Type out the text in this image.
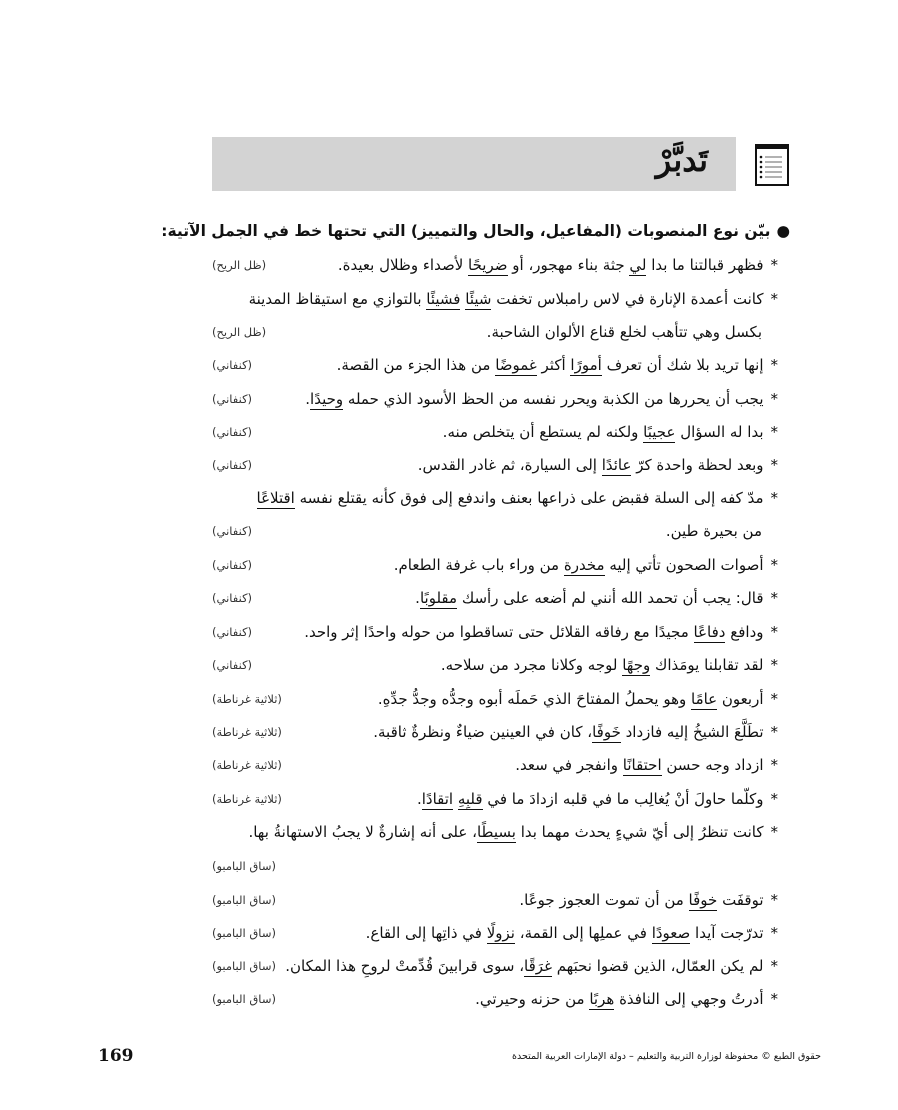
تَدبَّرْ
●بيّن نوع المنصوبات (المفاعيل، والحال والتمييز) التي تحتها خط في الجمل الآتية:
*فظهر قبالتنا ما بدا لي جثة بناء مهجور، أو ضريحًا لأصداء وظلال بعيدة.
(ظل الريح)
*كانت أعمدة الإنارة في لاس رامبلاس تخفت شيئًا فشيئًا بالتوازي مع استيقاظ المدينة
بكسل وهي تتأهب لخلع قناع الألوان الشاحبة.
(ظل الريح)
*إنها تريد بلا شك أن تعرف أمورًا أكثر غموضًا من هذا الجزء من القصة.
(كنفاني)
*يجب أن يحررها من الكذبة ويحرر نفسه من الحظ الأسود الذي حمله وحيدًا.
(كنفاني)
*بدا له السؤال عجيبًا ولكنه لم يستطع أن يتخلص منه.
(كنفاني)
*وبعد لحظة واحدة كرّ عائدًا إلى السيارة، ثم غادر القدس.
(كنفاني)
*مدّ كفه إلى السلة فقبض على ذراعها بعنف واندفع إلى فوق كأنه يقتلع نفسه اقتلاعًا
من بحيرة طين.
(كنفاني)
*أصوات الصحون تأتي إليه مخدرة من وراء باب غرفة الطعام.
(كنفاني)
*قال: يجب أن تحمد الله أنني لم أضعه على رأسك مقلوبًا.
(كنفاني)
*ودافع دفاعًا مجيدًا مع رفاقه القلائل حتى تساقطوا من حوله واحدًا إثر واحد.
(كنفاني)
*لقد تقابلنا يومَذاك وجهًا لوجه وكلانا مجرد من سلاحه.
(كنفاني)
*أربعون عامًا وهو يحملُ المفتاحَ الذي حَملَه أبوه وجدُّه وجدُّ جدِّهِ.
(ثلاثية غرناطة)
*تطَلَّعَ الشيخُ إليه فازداد خَوفًا، كان في العينين ضياءٌ ونظرةٌ ثاقبة.
(ثلاثية غرناطة)
*ازداد وجه حسن احتقانًا وانفجر في سعد.
(ثلاثية غرناطة)
*وكلّما حاولَ أنْ يُغالِب ما في قلبه ازدادَ ما في قلبِهِ اتقادًا.
(ثلاثية غرناطة)
*كانت تنظرُ إلى أيّ شيءٍ يحدث مهما بدا بسيطًا، على أنه إشارةٌ لا يجبُ الاستهانةُ بها.
(ساق البامبو)
*توقفَت خوفًا من أن تموت العجوز جوعًا.
(ساق البامبو)
*تدرّجت آيدا صعودًا في عملِها إلى القمة، نزولًا في ذاتِها إلى القاع.
(ساق البامبو)
*لم يكن العمّال، الذين قضوا نحبَهم غرَقًا، سوى قرابينَ قُدِّمتْ لروحِ هذا المكان.
(ساق البامبو)
*أدرتُ وجهي إلى النافذة هربًا من حزنه وحيرتي.
(ساق البامبو)
169	حقوق الطبع © محفوظة لوزارة التربية والتعليم – دولة الإمارات العربية المتحدة
